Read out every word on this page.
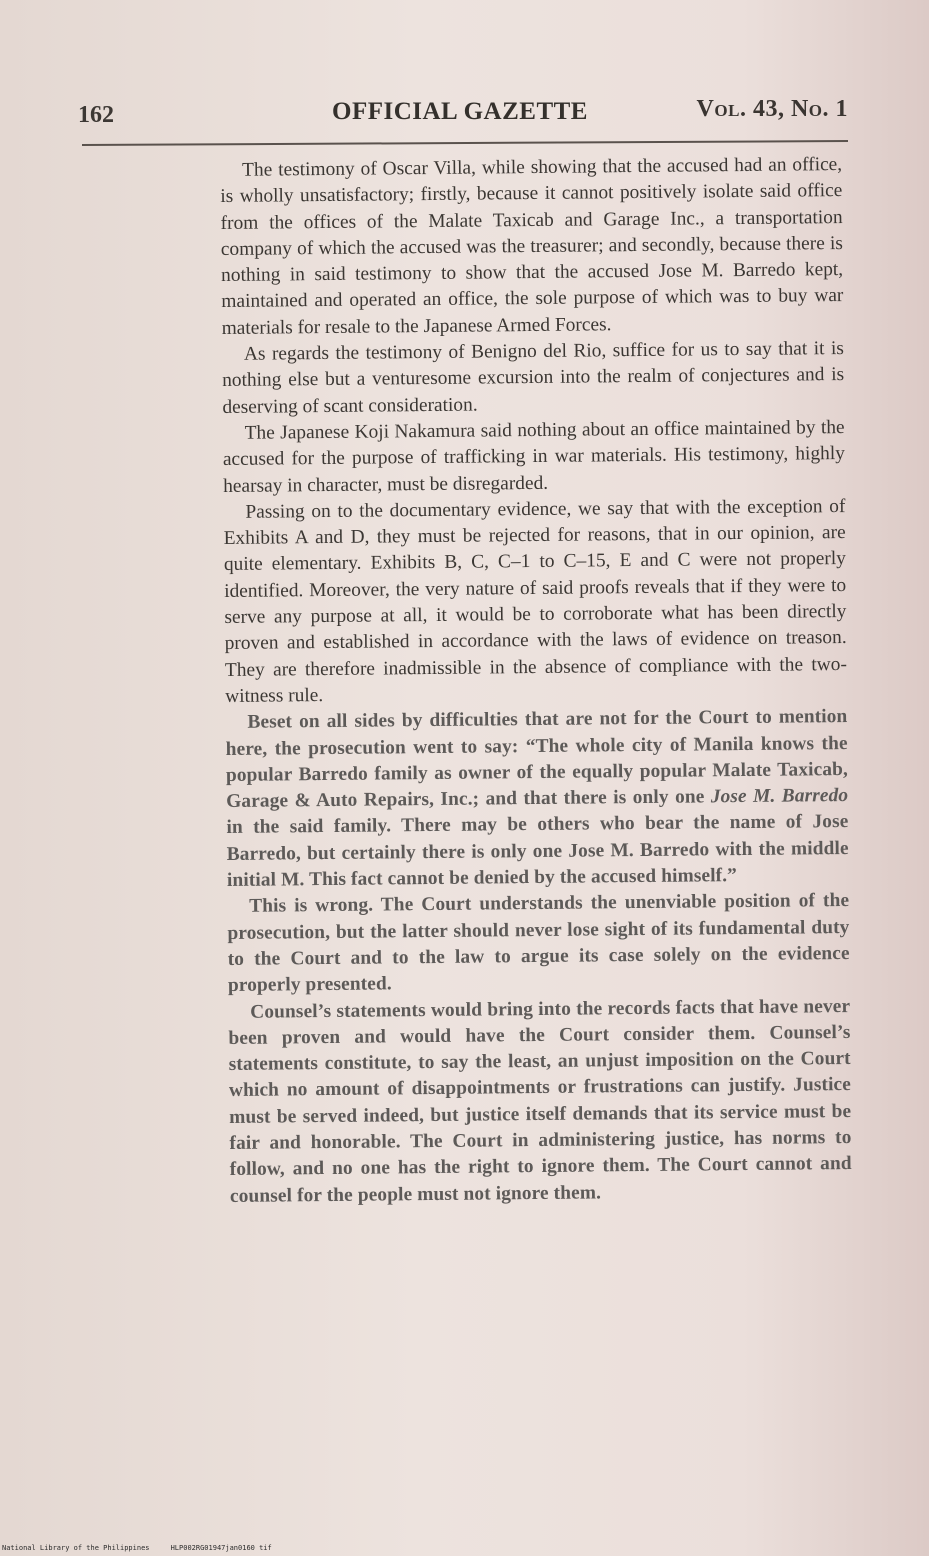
162	OFFICIAL GAZETTE	Vol. 43, No. 1

The testimony of Oscar Villa, while showing that the accused had an office, is wholly unsatisfactory; firstly, because it cannot positively isolate said office from the offices of the Malate Taxicab and Garage Inc., a transportation company of which the accused was the treasurer; and secondly, because there is nothing in said testimony to show that the accused Jose M. Barredo kept, maintained and operated an office, the sole purpose of which was to buy war materials for resale to the Japanese Armed Forces.

As regards the testimony of Benigno del Rio, suffice for us to say that it is nothing else but a venturesome excursion into the realm of conjectures and is deserving of scant consideration.

The Japanese Koji Nakamura said nothing about an office maintained by the accused for the purpose of trafficking in war materials. His testimony, highly hearsay in character, must be disregarded.

Passing on to the documentary evidence, we say that with the exception of Exhibits A and D, they must be rejected for reasons, that in our opinion, are quite elementary. Exhibits B, C, C–1 to C–15, E and C were not properly identified. Moreover, the very nature of said proofs reveals that if they were to serve any purpose at all, it would be to corroborate what has been directly proven and established in accordance with the laws of evidence on treason. They are therefore inadmissible in the absence of compliance with the two-witness rule.

Beset on all sides by difficulties that are not for the Court to mention here, the prosecution went to say: “The whole city of Manila knows the popular Barredo family as owner of the equally popular Malate Taxicab, Garage & Auto Repairs, Inc.; and that there is only one Jose M. Barredo in the said family. There may be others who bear the name of Jose Barredo, but certainly there is only one Jose M. Barredo with the middle initial M. This fact cannot be denied by the accused himself.”

This is wrong. The Court understands the unenviable position of the prosecution, but the latter should never lose sight of its fundamental duty to the Court and to the law to argue its case solely on the evidence properly presented.

Counsel’s statements would bring into the records facts that have never been proven and would have the Court consider them. Counsel’s statements constitute, to say the least, an unjust imposition on the Court which no amount of disappointments or frustrations can justify. Justice must be served indeed, but justice itself demands that its service must be fair and honorable. The Court in administering justice, has norms to follow, and no one has the right to ignore them. The Court cannot and counsel for the people must not ignore them.

National Library of the Philippines	HLP002RG01947jan0160 tif
